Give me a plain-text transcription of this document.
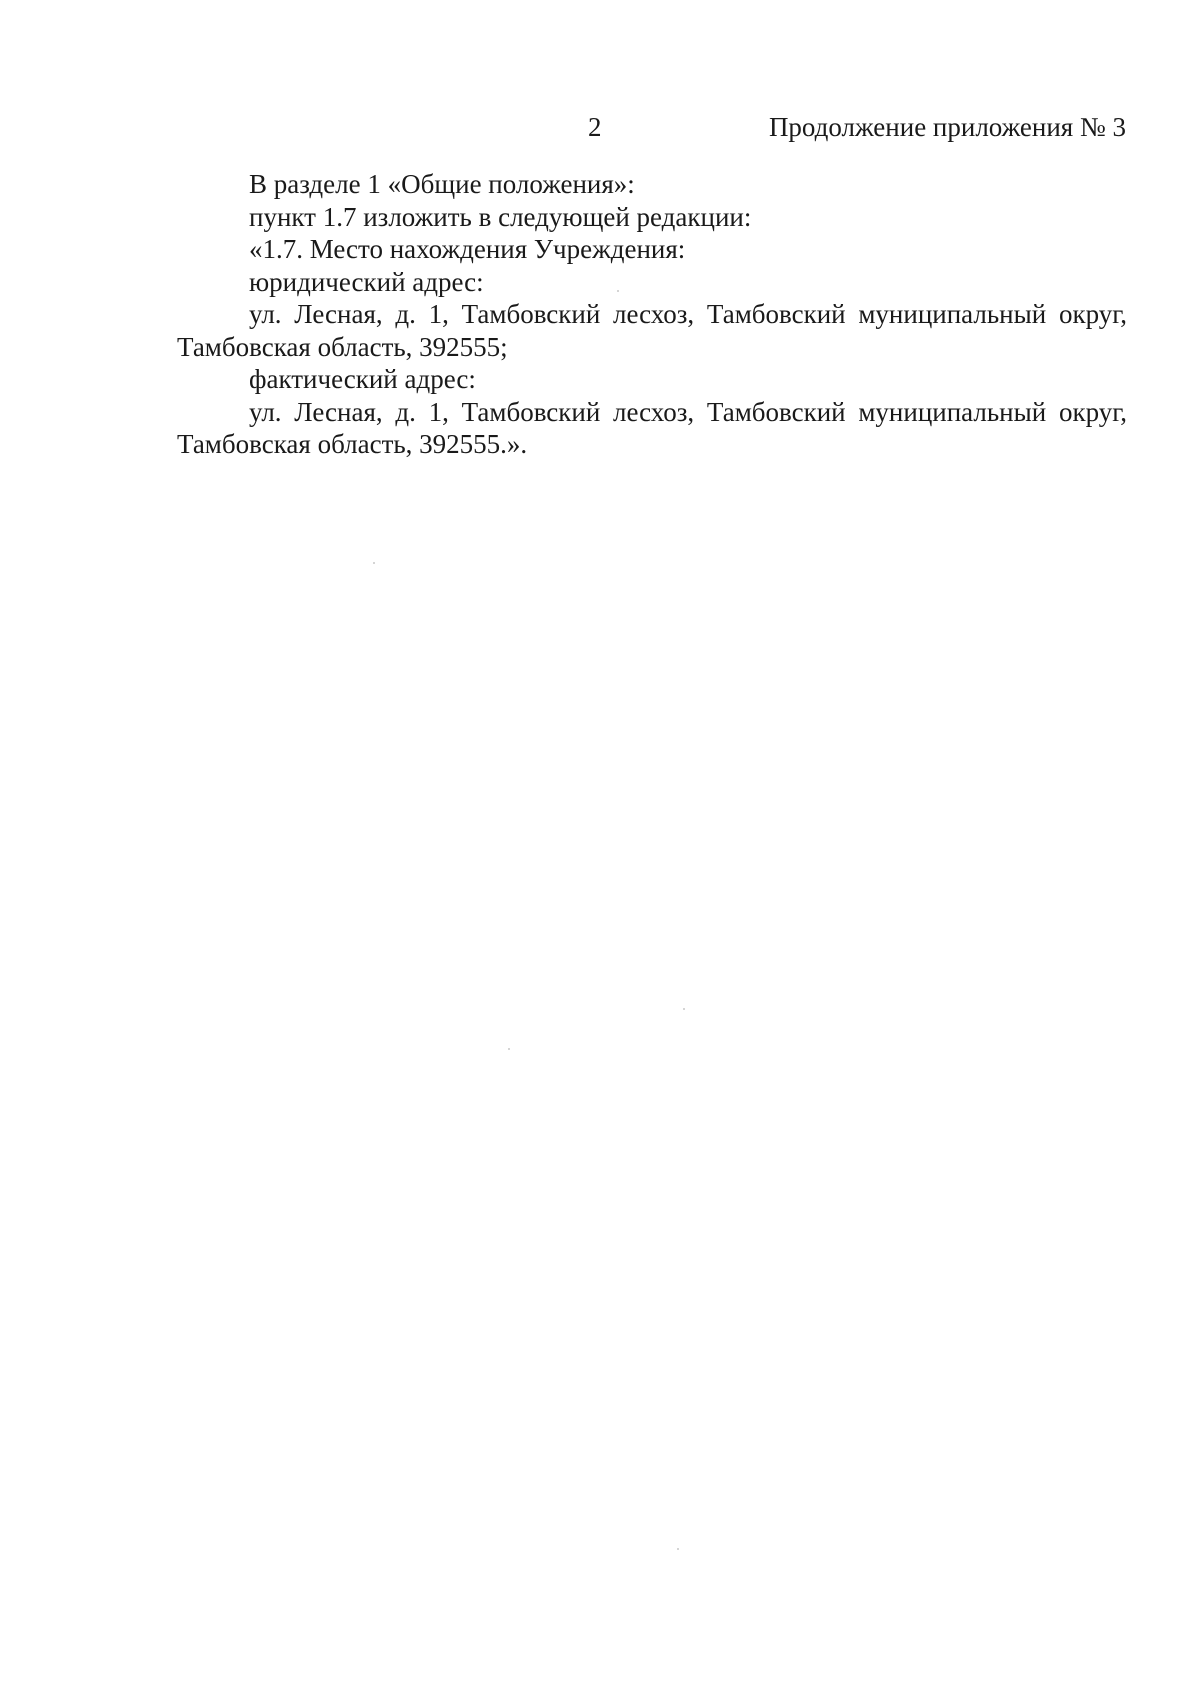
2	Продолжение приложения № 3

В разделе 1 «Общие положения»:

пункт 1.7 изложить в следующей редакции:

«1.7. Место нахождения Учреждения:

юридический адрес:

ул. Лесная, д. 1, Тамбовский лесхоз, Тамбовский муниципальный округ, Тамбовская область, 392555;

фактический адрес:

ул. Лесная, д. 1, Тамбовский лесхоз, Тамбовский муниципальный округ, Тамбовская область, 392555.».
